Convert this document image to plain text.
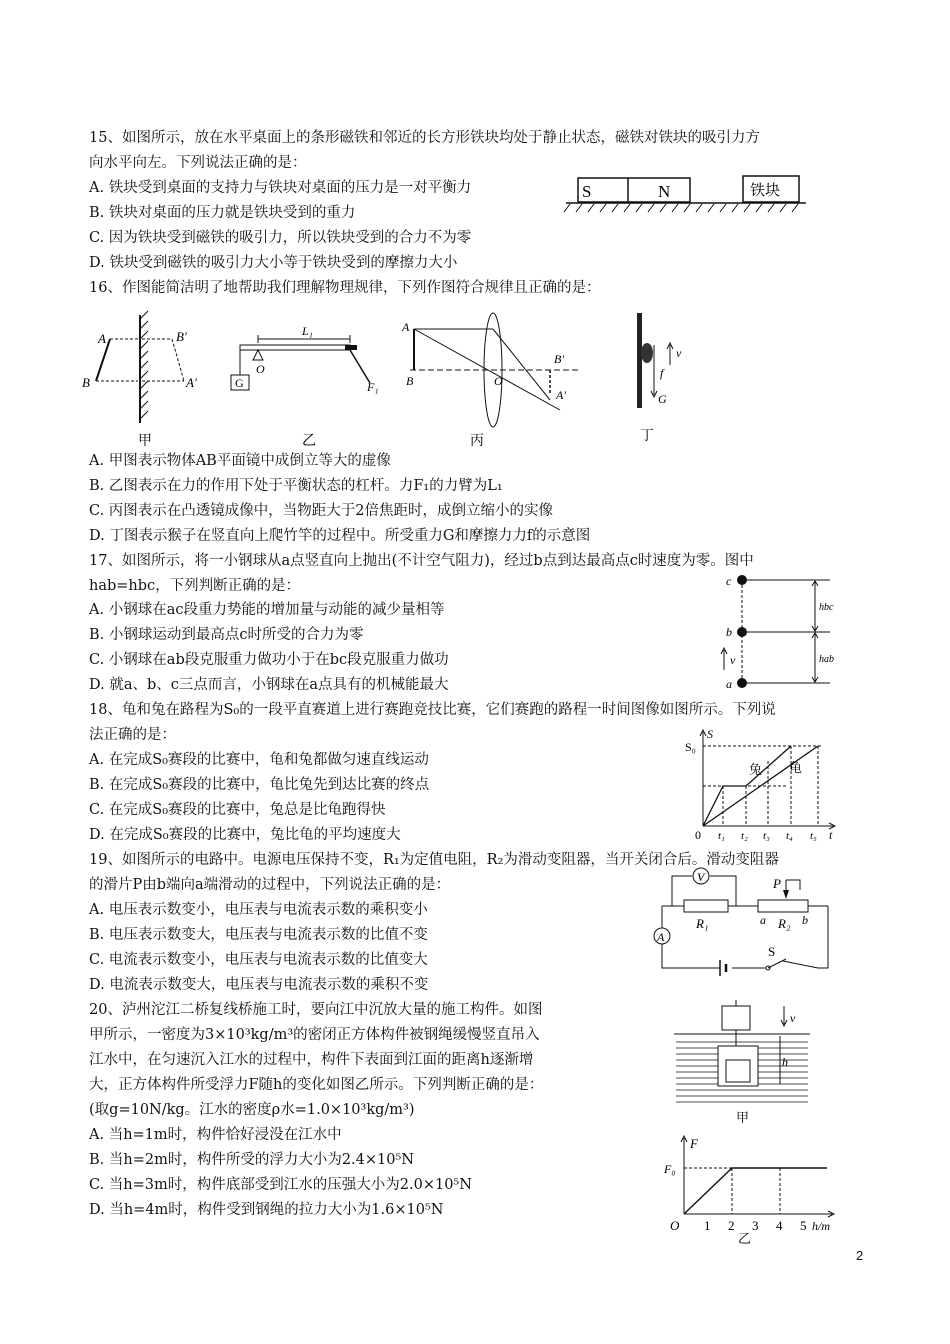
15、如图所示，放在水平桌面上的条形磁铁和邻近的长方形铁块均处于静止状态，磁铁对铁块的吸引力方
向水平向左。下列说法正确的是：
A. 铁块受到桌面的支持力与铁块对桌面的压力是一对平衡力
B. 铁块对桌面的压力就是铁块受到的重力
C. 因为铁块受到磁铁的吸引力，所以铁块受到的合力不为零
D. 铁块受到磁铁的吸引力大小等于铁块受到的摩擦力大小
S	N	铁块
16、作图能简洁明了地帮助我们理解物理规律，下列作图符合规律且正确的是：
A
B
B'
A'
甲
L₁
O
G	F₁
乙
A
B	O
B'
A'
丙
v
f
G
丁
A. 甲图表示物体AB平面镜中成倒立等大的虚像
B. 乙图表示在力的作用下处于平衡状态的杠杆。力F₁的力臂为L₁
C. 丙图表示在凸透镜成像中，当物距大于2倍焦距时，成倒立缩小的实像
D. 丁图表示猴子在竖直向上爬竹竿的过程中。所受重力G和摩擦力力f的示意图
17、如图所示，将一小钢球从a点竖直向上抛出(不计空气阻力)，经过b点到达最高点c时速度为零。图中
hab=hbc，下列判断正确的是：
A. 小钢球在ac段重力势能的增加量与动能的减少量相等
B. 小钢球运动到最高点c时所受的合力为零
C. 小钢球在ab段克服重力做功小于在bc段克服重力做功
D. 就a、b、c三点而言，小钢球在a点具有的机械能最大
c
b
a
v
hbc
hab
18、龟和兔在路程为S₀的一段平直赛道上进行赛跑竞技比赛，它们赛跑的路程一时间图像如图所示。下列说
法正确的是：
A. 在完成S₀赛段的比赛中，龟和兔都做匀速直线运动
B. 在完成S₀赛段的比赛中，龟比兔先到达比赛的终点
C. 在完成S₀赛段的比赛中，兔总是比龟跑得快
D. 在完成S₀赛段的比赛中，兔比龟的平均速度大
S
S₀
兔 龟
0 t₁ t₂ t₃ t₄ t₅ t
19、如图所示的电路中。电源电压保持不变，R₁为定值电阻，R₂为滑动变阻器，当开关闭合后。滑动变阻器
的滑片P由b端向a端滑动的过程中，下列说法正确的是：
A. 电压表示数变小，电压表与电流表示数的乘积变小
B. 电压表示数变大，电压表与电流表示数的比值不变
C. 电流表示数变小，电压表与电流表示数的比值变大
D. 电流表示数变大，电压表与电流表示数的乘积不变
V
A
P
R₁	R₂
a	b
S
20、泸州沱江二桥复线桥施工时，要向江中沉放大量的施工构件。如图
甲所示，一密度为3×10³kg/m³的密闭正方体构件被钢绳缓慢竖直吊入
江水中，在匀速沉入江水的过程中，构件下表面到江面的距离h逐渐增
大，正方体构件所受浮力F随h的变化如图乙所示。下列判断正确的是：
(取g=10N/kg。江水的密度ρ水=1.0×10³kg/m³)
A. 当h=1m时，构件恰好浸没在江水中
B. 当h=2m时，构件所受的浮力大小为2.4×10⁵N
C. 当h=3m时，构件底部受到江水的压强大小为2.0×10⁵N
D. 当h=4m时，构件受到钢绳的拉力大小为1.6×10⁵N
v
h
甲
F
F₀
O 1 2 3 4 5 h/m
乙
2
